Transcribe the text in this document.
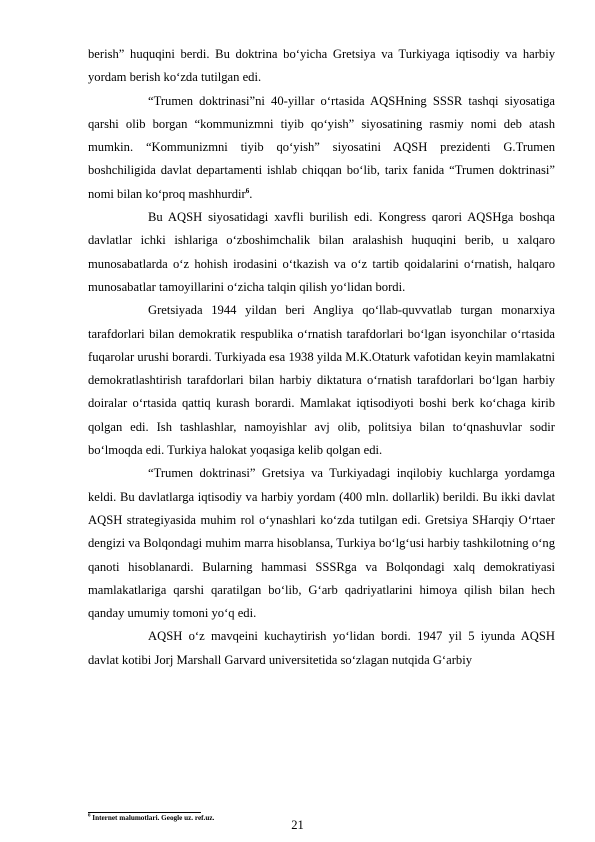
berish” huquqini berdi. Bu doktrina bo‘yicha Gretsiya va Turkiyaga iqtisodiy va harbiy yordam berish ko‘zda tutilgan edi.

“Trumen doktrinasi”ni 40-yillar o‘rtasida AQSHning SSSR tashqi siyosatiga qarshi olib borgan “kommunizmni tiyib qo‘yish” siyosatining rasmiy nomi deb atash mumkin. “Kommunizmni tiyib qo‘yish” siyosatini AQSH prezidenti G.Trumen boshchiligida davlat departamenti ishlab chiqqan bo‘lib, tarix fanida “Trumen doktrinasi” nomi bilan ko‘proq mashhurdir$^6$.

Bu AQSH siyosatidagi xavfli burilish edi. Kongress qarori AQSHga boshqa davlatlar ichki ishlariga o‘zboshimchalik bilan aralashish huquqini berib, u xalqaro munosabatlarda o‘z hohish irodasini o‘tkazish va o‘z tartib qoidalarini o‘rnatish, halqaro munosabatlar tamoyillarini o‘zicha talqin qilish yo‘lidan bordi.

Gretsiyada 1944 yildan beri Angliya qo‘llab-quvvatlab turgan monarxiya tarafdorlari bilan demokratik respublika o‘rnatish tarafdorlari bo‘lgan isyonchilar o‘rtasida fuqarolar urushi borardi. Turkiyada esa 1938 yilda M.K.Otaturk vafotidan keyin mamlakatni demokratlashtirish tarafdorlari bilan harbiy diktatura o‘rnatish tarafdorlari bo‘lgan harbiy doiralar o‘rtasida qattiq kurash borardi. Mamlakat iqtisodiyoti boshi berk ko‘chaga kirib qolgan edi. Ish tashlashlar, namoyishlar avj olib, politsiya bilan to‘qnashuvlar sodir bo‘lmoqda edi. Turkiya halokat yoqasiga kelib qolgan edi.

“Trumen doktrinasi” Gretsiya va Turkiyadagi inqilobiy kuchlarga yordamga keldi. Bu davlatlarga iqtisodiy va harbiy yordam (400 mln. dollarlik) berildi. Bu ikki davlat AQSH strategiyasida muhim rol o‘ynashlari ko‘zda tutilgan edi. Gretsiya SHarqiy O‘rtaer dengizi va Bolqondagi muhim marra hisoblansa, Turkiya bo‘lg‘usi harbiy tashkilotning o‘ng qanoti hisoblanardi. Bularning hammasi SSSRga va Bolqondagi xalq demokratiyasi mamlakatlariga qarshi qaratilgan bo‘lib, G‘arb qadriyatlarini himoya qilish bilan hech qanday umumiy tomoni yo‘q edi.

AQSH o‘z mavqeini kuchaytirish yo‘lidan bordi. 1947 yil 5 iyunda AQSH davlat kotibi Jorj Marshall Garvard universitetida so‘zlagan nutqida G‘arbiy

$^6$ Internet malumotlari. Geogle uz. ref.uz.	21
